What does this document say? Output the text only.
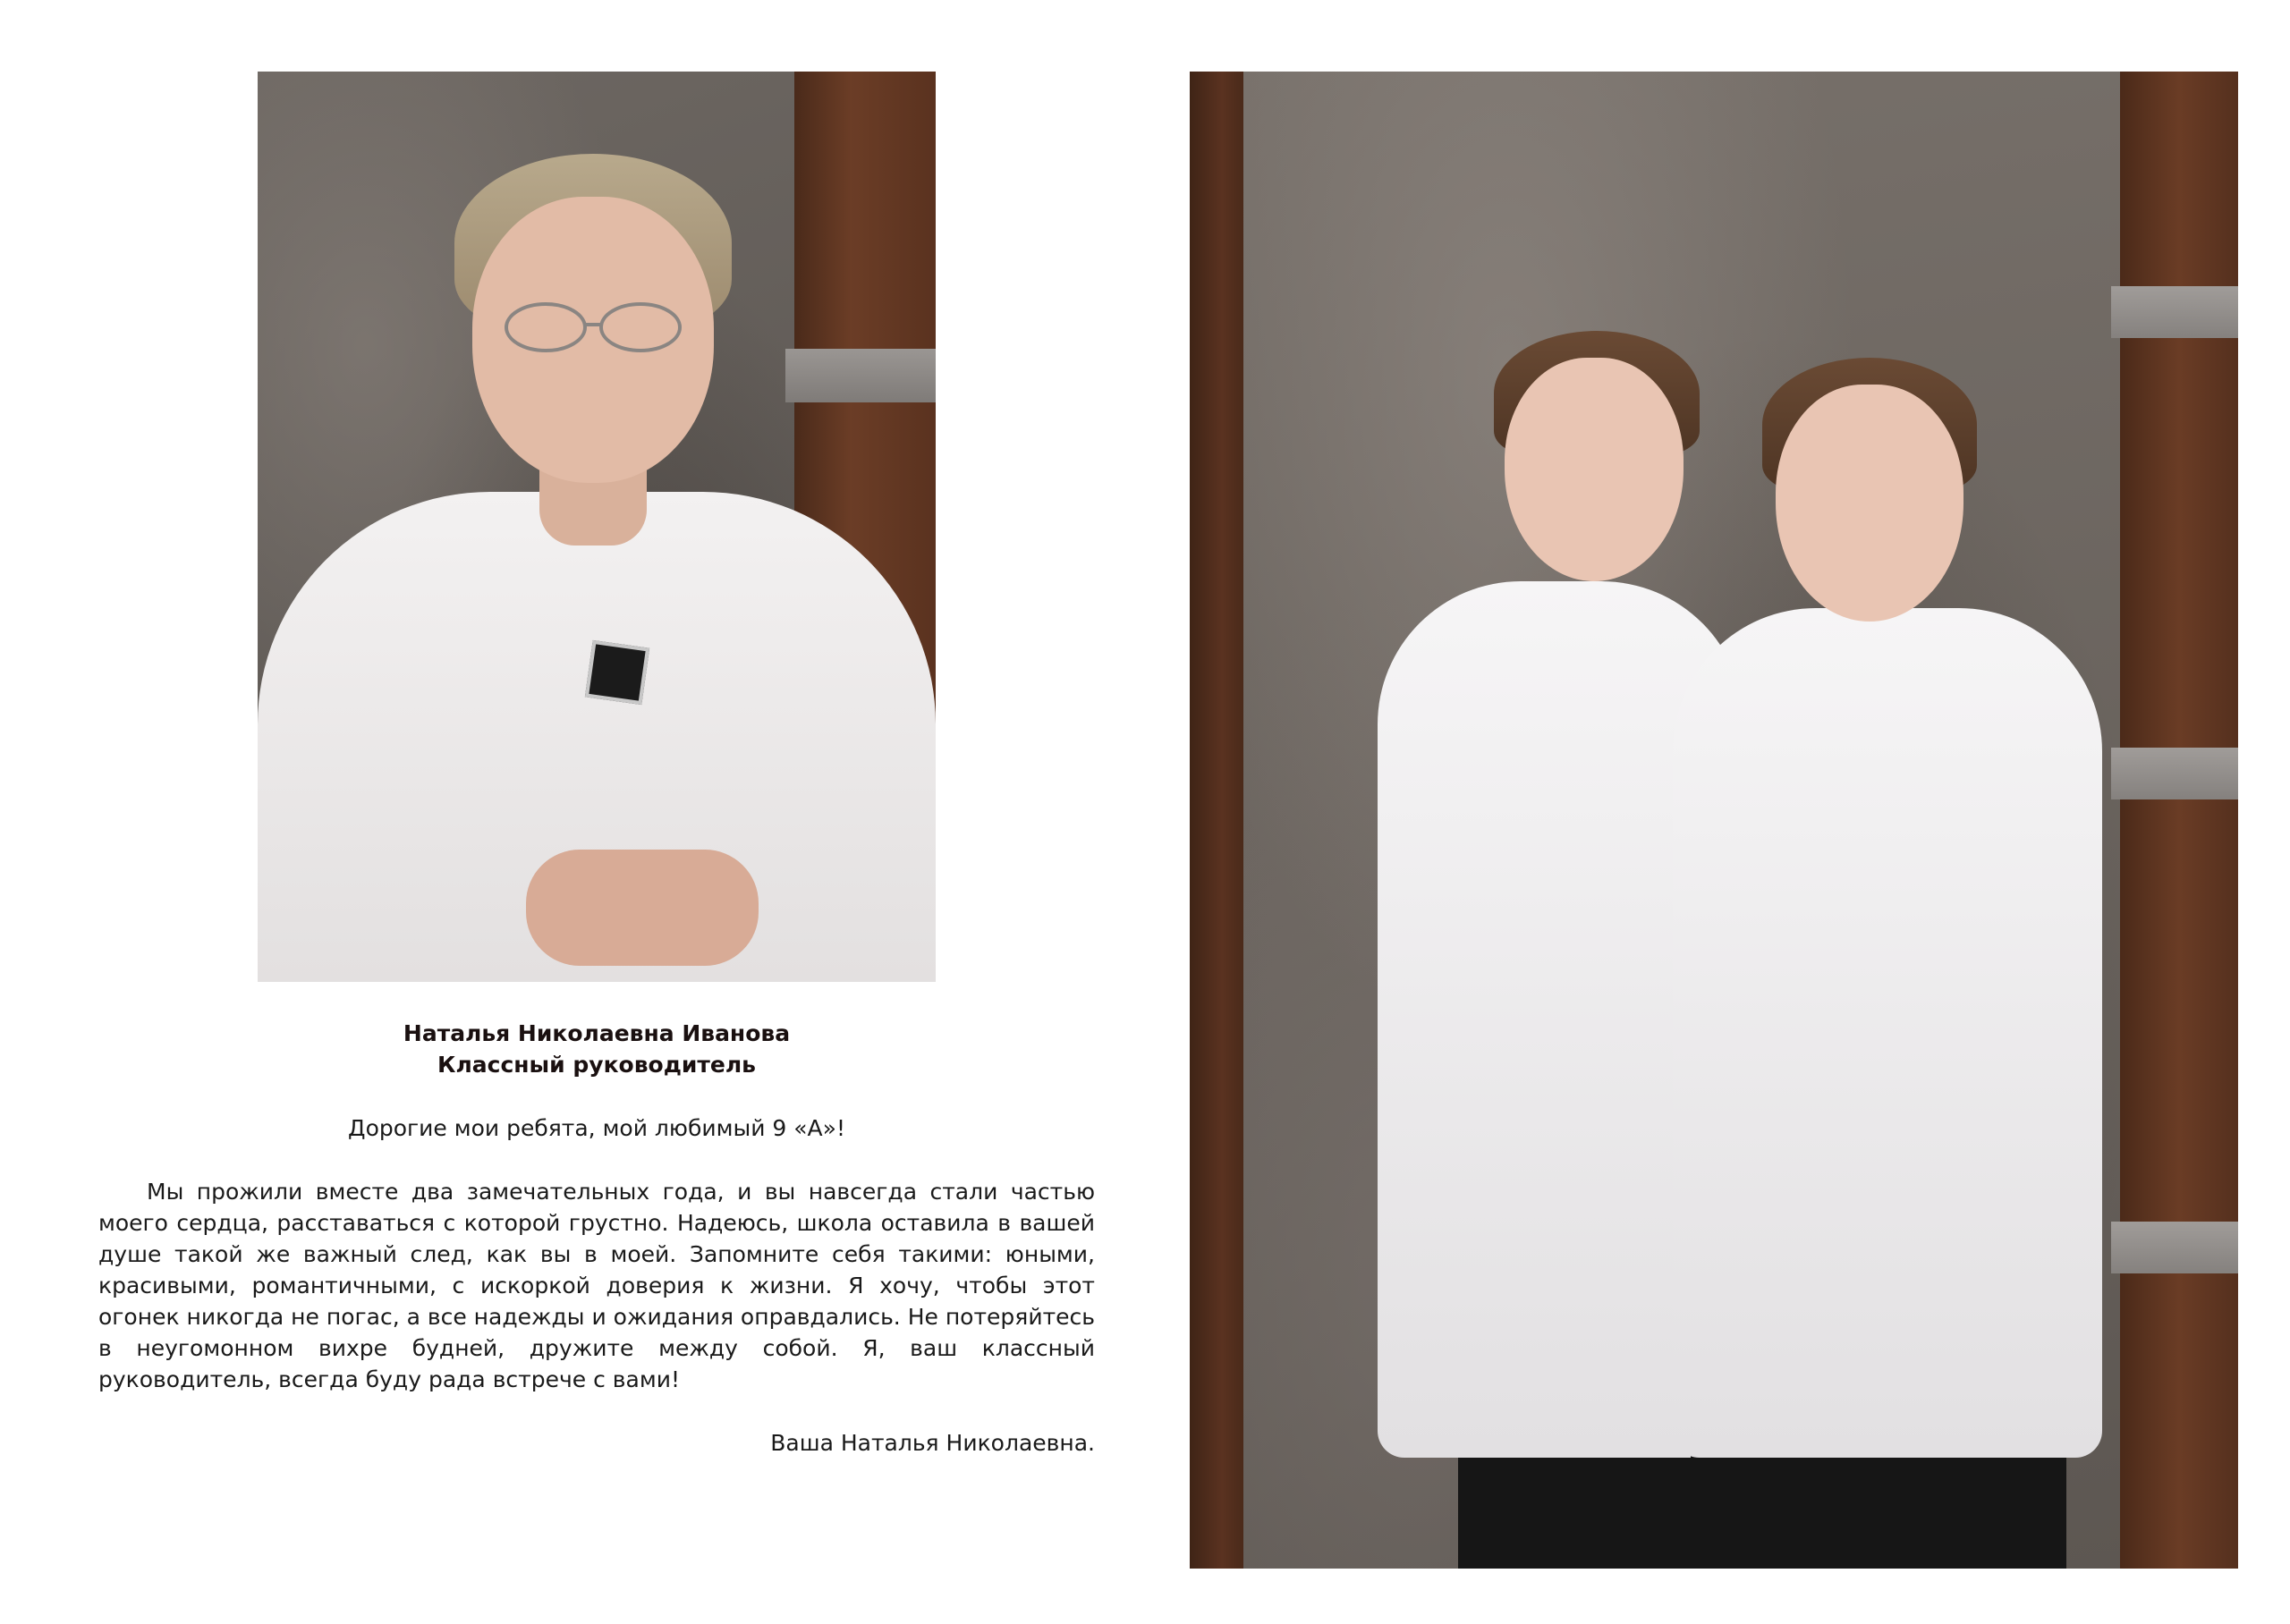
Наталья Николаевна Иванова

Классный руководитель

Дорогие мои ребята, мой любимый 9 «А»!

Мы прожили вместе два замечательных года, и вы навсегда стали частью моего сердца, расставаться с которой грустно. Надеюсь, школа оставила в вашей душе такой же важный след, как вы в моей. Запомните себя такими: юными, красивыми, романтичными, с искоркой доверия к жизни. Я хочу, чтобы этот огонек никогда не погас, а все надежды и ожидания оправдались. Не потеряйтесь в неугомонном вихре будней, дружите между собой. Я, ваш классный руководитель, всегда буду рада встрече с вами!

Ваша Наталья Николаевна.
